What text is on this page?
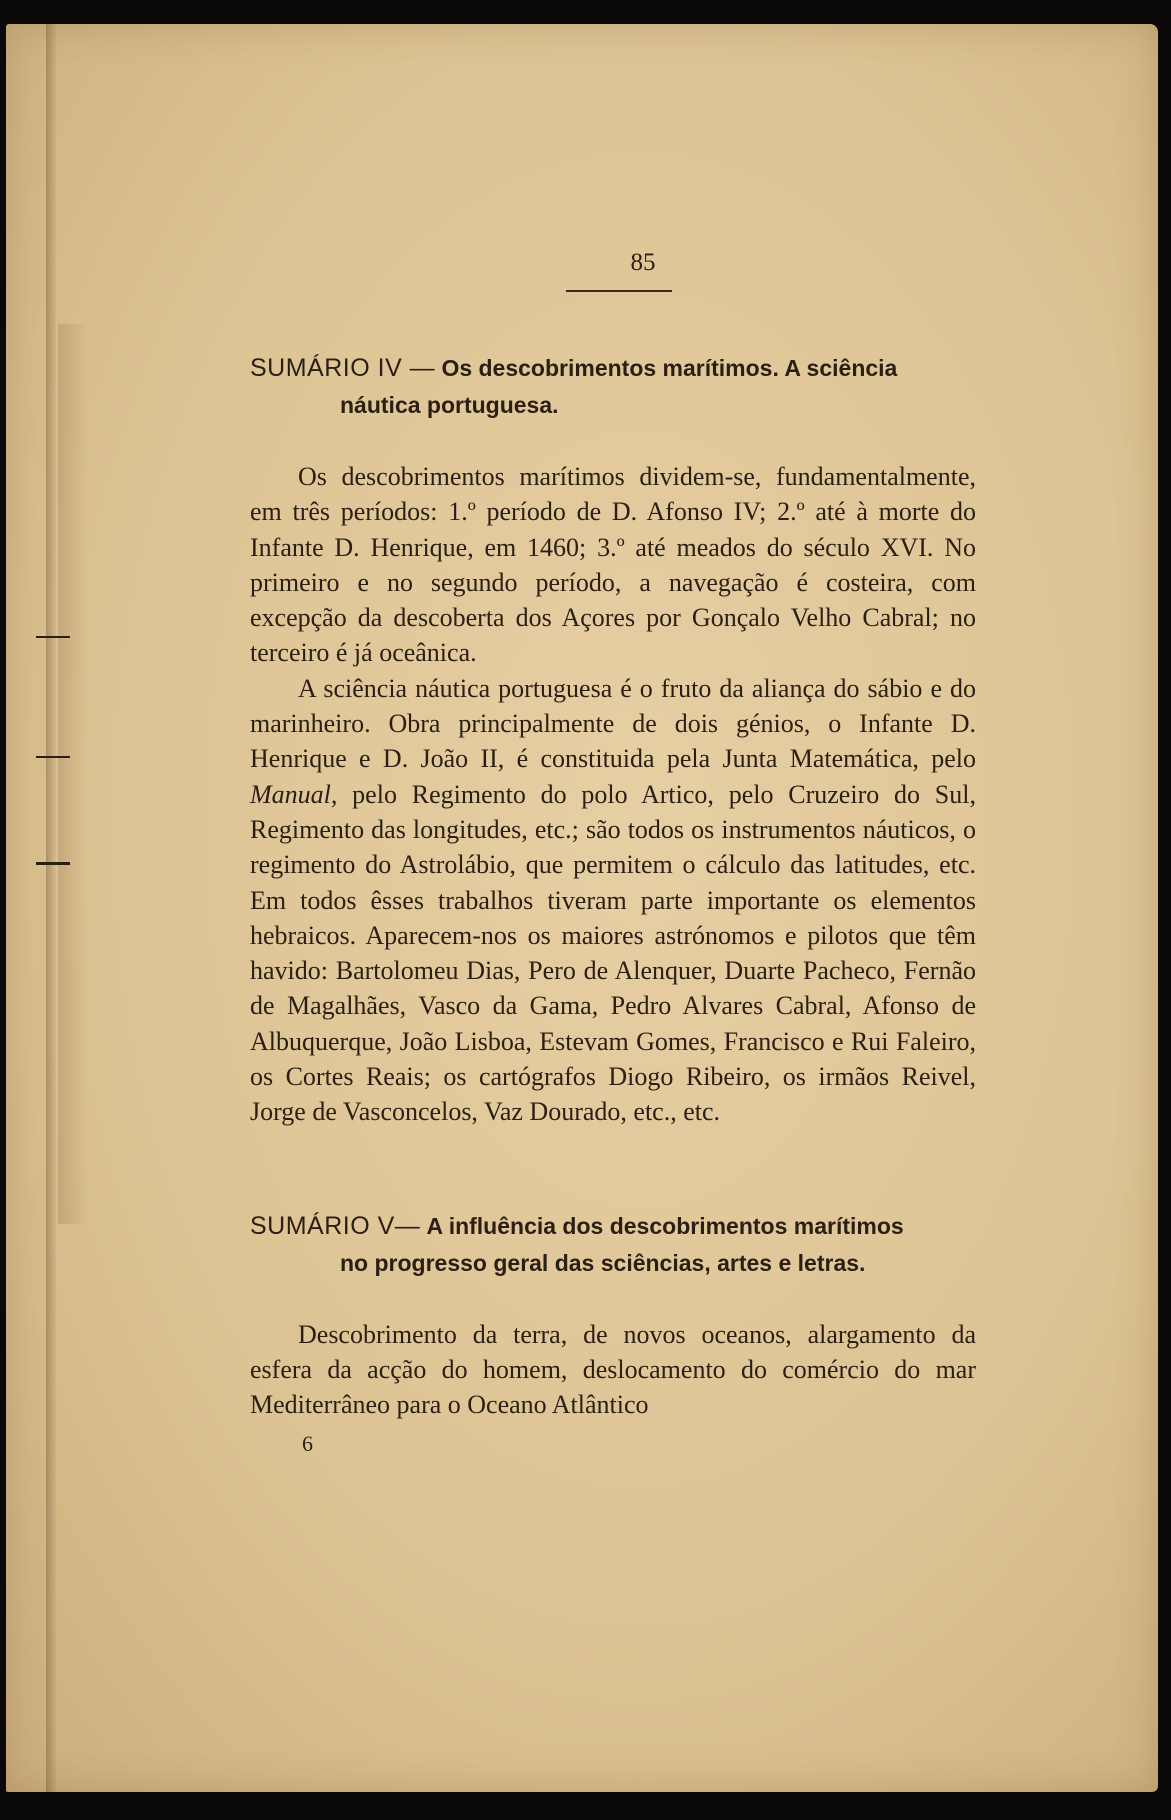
85
SUMÁRIO IV — Os descobrimentos marítimos. A sciência
náutica portuguesa.

Os descobrimentos marítimos dividem-se, fundamentalmente, em três períodos: 1.º período de D. Afonso IV; 2.º até à morte do Infante D. Henrique, em 1460; 3.º até meados do século XVI. No primeiro e no segundo período, a navegação é costeira, com excepção da descoberta dos Açores por Gonçalo Velho Cabral; no terceiro é já oceânica.

A sciência náutica portuguesa é o fruto da aliança do sábio e do marinheiro. Obra principalmente de dois génios, o Infante D. Henrique e D. João II, é constituida pela Junta Matemática, pelo Manual, pelo Regimento do polo Artico, pelo Cruzeiro do Sul, Regimento das longitudes, etc.; são todos os instrumentos náuticos, o regimento do Astrolábio, que permitem o cálculo das latitudes, etc. Em todos êsses trabalhos tiveram parte importante os elementos hebraicos. Aparecem-nos os maiores astrónomos e pilotos que têm havido: Bartolomeu Dias, Pero de Alenquer, Duarte Pacheco, Fernão de Magalhães, Vasco da Gama, Pedro Alvares Cabral, Afonso de Albuquerque, João Lisboa, Estevam Gomes, Francisco e Rui Faleiro, os Cortes Reais; os cartógrafos Diogo Ribeiro, os irmãos Reivel, Jorge de Vasconcelos, Vaz Dourado, etc., etc.

SUMÁRIO V— A influência dos descobrimentos marítimos
no progresso geral das sciências, artes e letras.

Descobrimento da terra, de novos oceanos, alargamento da esfera da acção do homem, deslocamento do comércio do mar Mediterrâneo para o Oceano Atlântico

6
